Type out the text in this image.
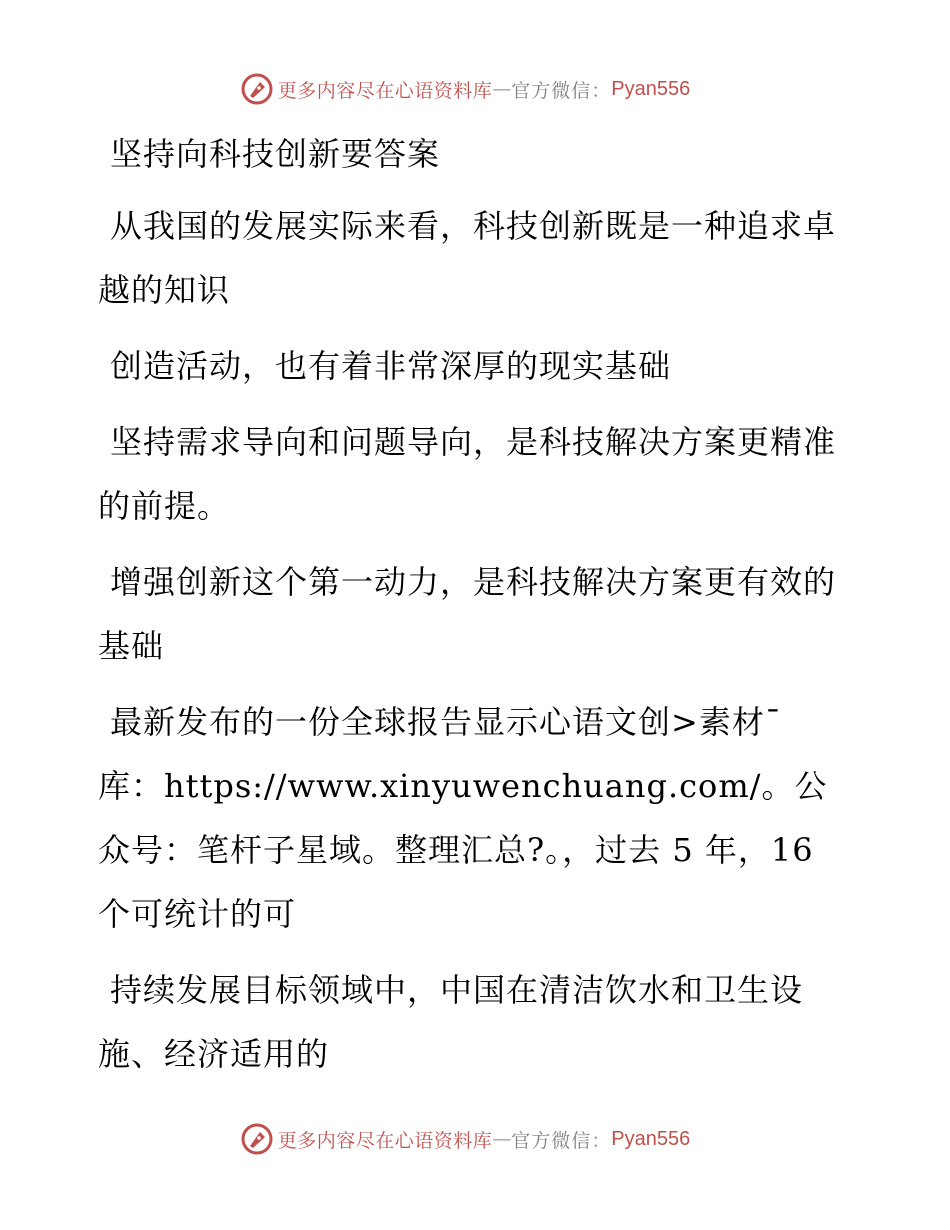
更多内容尽在心语资料库 — 官方微信： Pyan556

坚持向科技创新要答案

从我国的发展实际来看，科技创新既是一种追求卓越的知识

创造活动，也有着非常深厚的现实基础

坚持需求导向和问题导向，是科技解决方案更精准的前提。

增强创新这个第一动力，是科技解决方案更有效的基础

最新发布的一份全球报告显示心语文创>素材¯库：https://www.xinyuwenchuang.com/。公众号：笔杆子星域。整理汇总?。，过去 5 年，16 个可统计的可

持续发展目标领域中，中国在清洁饮水和卫生设施、经济适用的

更多内容尽在心语资料库 — 官方微信： Pyan556
